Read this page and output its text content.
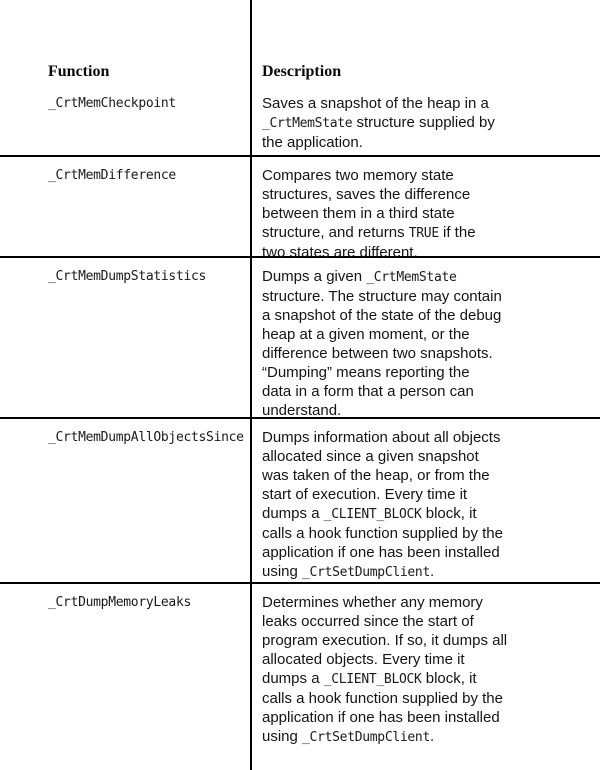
Function	Description
_CrtMemCheckpoint	Saves a snapshot of the heap in a
_CrtMemState structure supplied by
the application.
_CrtMemDifference	Compares two memory state
structures, saves the difference
between them in a third state
structure, and returns TRUE if the
two states are different.
_CrtMemDumpStatistics	Dumps a given _CrtMemState
structure. The structure may contain
a snapshot of the state of the debug
heap at a given moment, or the
difference between two snapshots.
“Dumping” means reporting the
data in a form that a person can
understand.
_CrtMemDumpAllObjectsSince	Dumps information about all objects
allocated since a given snapshot
was taken of the heap, or from the
start of execution. Every time it
dumps a _CLIENT_BLOCK block, it
calls a hook function supplied by the
application if one has been installed
using _CrtSetDumpClient.
_CrtDumpMemoryLeaks	Determines whether any memory
leaks occurred since the start of
program execution. If so, it dumps all
allocated objects. Every time it
dumps a _CLIENT_BLOCK block, it
calls a hook function supplied by the
application if one has been installed
using _CrtSetDumpClient.
